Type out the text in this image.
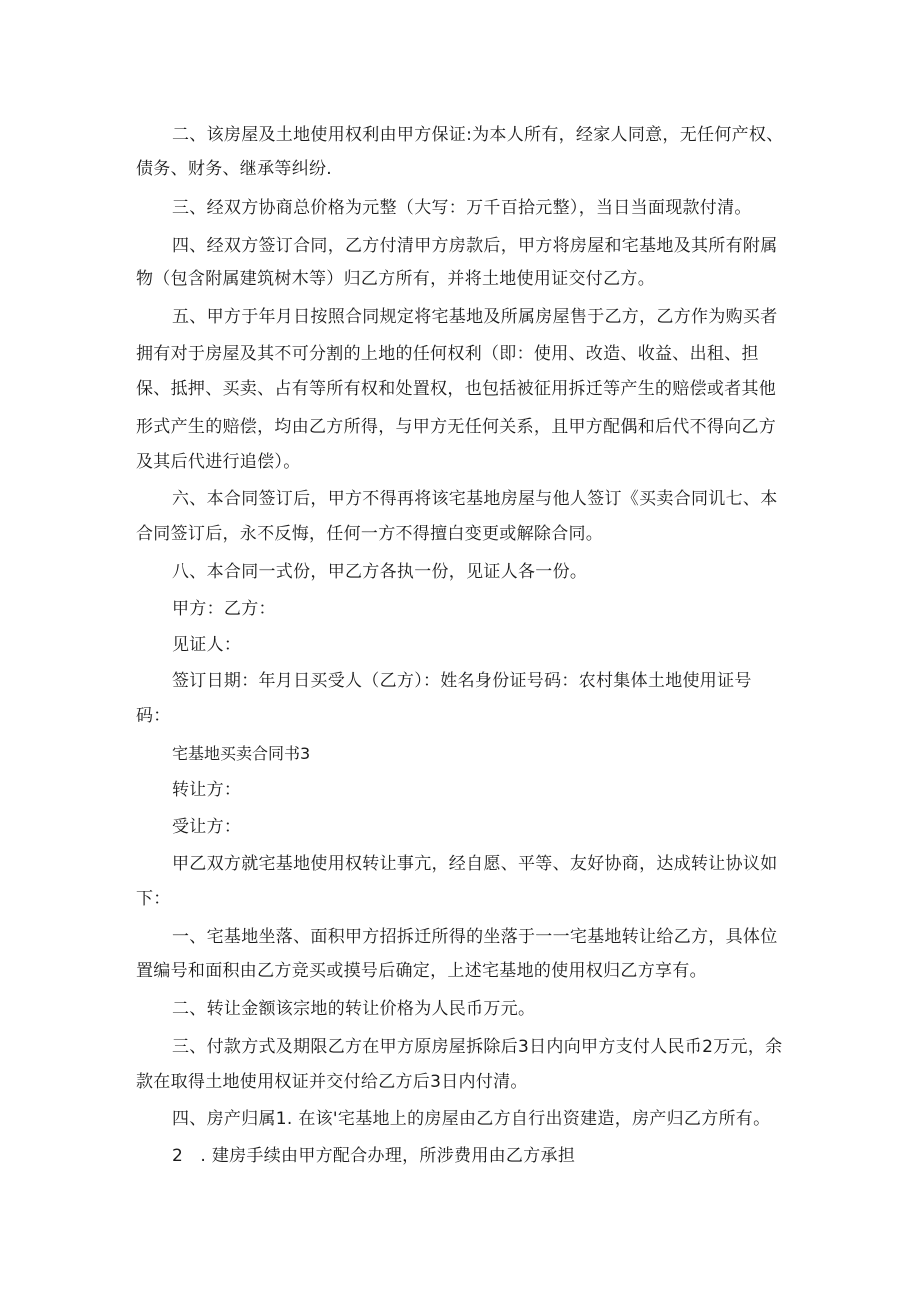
二、该房屋及土地使用权利由甲方保证:为本人所有，经家人同意，无任何产权、
债务、财务、继承等纠纷.
三、经双方协商总价格为元整（大写：万千百拾元整），当日当面现款付清。
四、经双方签订合同，乙方付清甲方房款后，甲方将房屋和宅基地及其所有附属
物（包含附属建筑树木等）归乙方所有，并将土地使用证交付乙方。
五、甲方于年月日按照合同规定将宅基地及所属房屋售于乙方，乙方作为购买者
拥有对于房屋及其不可分割的上地的任何权利（即：使用、改造、收益、出租、担
保、抵押、买卖、占有等所有权和处置权，也包括被征用拆迁等产生的赔偿或者其他
形式产生的赔偿，均由乙方所得，与甲方无任何关系，且甲方配偶和后代不得向乙方
及其后代进行追偿）。
六、本合同签订后，甲方不得再将该宅基地房屋与他人签订《买卖合同讥七、本
合同签订后，永不反悔，任何一方不得擅白变更或解除合同。
八、本合同一式份，甲乙方各执一份，见证人各一份。
甲方：乙方：
见证人：
签订日期：年月日买受人（乙方）：姓名身份证号码：农村集体土地使用证号
码：
宅基地买卖合同书3
转让方：
受让方：
甲乙双方就宅基地使用权转让事亢，经自愿、平等、友好协商，达成转让协议如
下：
一、宅基地坐落、面积甲方招拆迁所得的坐落于一一宅基地转让给乙方，具体位
置编号和面积由乙方竞买或摸号后确定，上述宅基地的使用权归乙方享有。
二、转让金额该宗地的转让价格为人民币万元。
三、付款方式及期限乙方在甲方原房屋拆除后3日内向甲方支付人民币2万元，余
款在取得土地使用权证并交付给乙方后3日内付清。
四、房产归属1. 在该'宅基地上的房屋由乙方自行出资建造，房产归乙方所有。
2　. 建房手续由甲方配合办理，所涉费用由乙方承担
